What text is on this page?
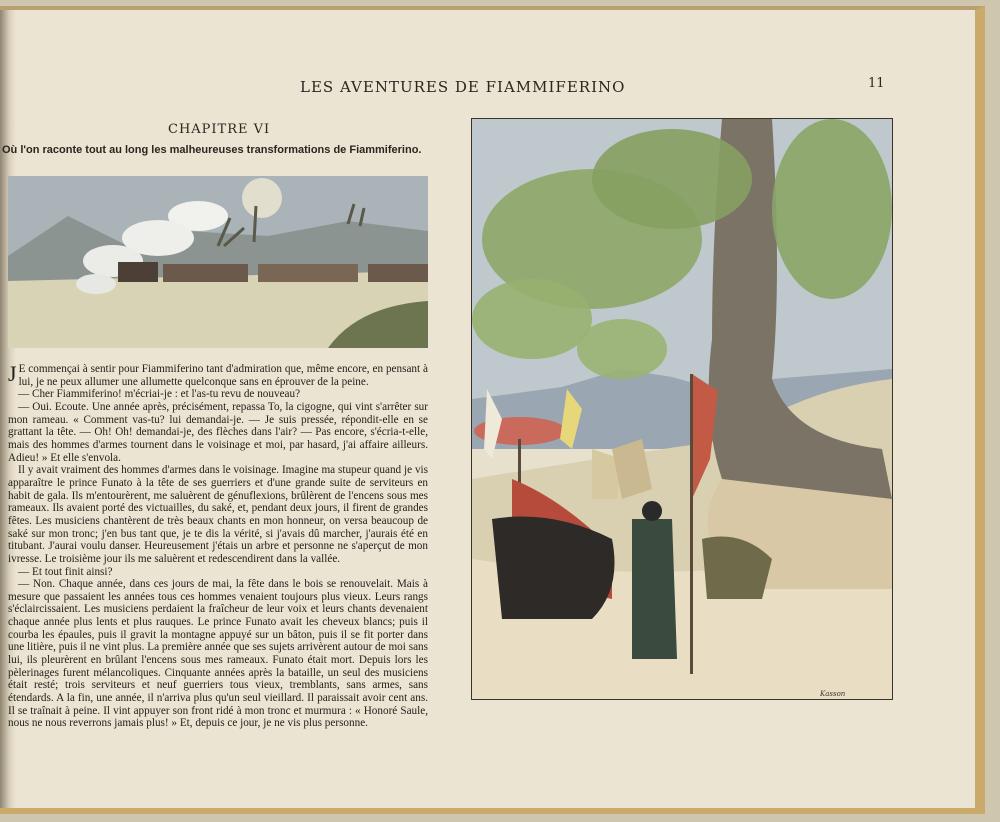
LES AVENTURES DE FIAMMIFERINO	11
CHAPITRE VI
Où l'on raconte tout au long les malheureuses transformations de Fiammiferino.

J E commençai à sentir pour Fiammiferino tant d'admiration que, même encore, en pensant à lui, je ne peux allumer une allumette quelconque sans en éprouver de la peine.

— Cher Fiammiferino! m'écriai-je : et l'as-tu revu de nouveau?

— Oui. Ecoute. Une année après, précisément, repassa To, la cigogne, qui vint s'arrêter sur mon rameau. « Comment vas-tu? lui demandai-je. — Je suis pressée, répondit-elle en se grattant la tête. — Oh! Oh! demandai-je, des flèches dans l'air? — Pas encore, s'écria-t-elle, mais des hommes d'armes tournent dans le voisinage et moi, par hasard, j'ai affaire ailleurs. Adieu! » Et elle s'envola.

Il y avait vraiment des hommes d'armes dans le voisinage. Imagine ma stupeur quand je vis apparaître le prince Funato à la tête de ses guerriers et d'une grande suite de serviteurs en habit de gala. Ils m'entourèrent, me saluèrent de génuflexions, brûlèrent de l'encens sous mes rameaux. Ils avaient porté des victuailles, du saké, et, pendant deux jours, il firent de grandes fêtes. Les musiciens chantèrent de très beaux chants en mon honneur, on versa beaucoup de saké sur mon tronc; j'en bus tant que, je te dis la vérité, si j'avais dû marcher, j'aurais été en titubant. J'aurai voulu danser. Heureusement j'étais un arbre et personne ne s'aperçut de mon ivresse. Le troisième jour ils me saluèrent et redescendirent dans la vallée.

— Et tout finit ainsi?

— Non. Chaque année, dans ces jours de mai, la fête dans le bois se renouvelait. Mais à mesure que passaient les années tous ces hommes venaient toujours plus vieux. Leurs rangs s'éclaircissaient. Les musiciens perdaient la fraîcheur de leur voix et leurs chants devenaient chaque année plus lents et plus rauques. Le prince Funato avait les cheveux blancs; puis il courba les épaules, puis il gravit la montagne appuyé sur un bâton, puis il se fit porter dans une litière, puis il ne vint plus. La première année que ses sujets arrivèrent autour de moi sans lui, ils pleurèrent en brûlant l'encens sous mes rameaux. Funato était mort. Depuis lors les pèlerinages furent mélancoliques. Cinquante années après la bataille, un seul des musiciens était resté; trois serviteurs et neuf guerriers tous vieux, tremblants, sans armes, sans étendards. A la fin, une année, il n'arriva plus qu'un seul vieillard. Il paraissait avoir cent ans. Il se traînait à peine. Il vint appuyer son front ridé à mon tronc et murmura : « Honoré Saule, nous ne nous reverrons jamais plus! » Et, depuis ce jour, je ne vis plus personne.

Kasson
